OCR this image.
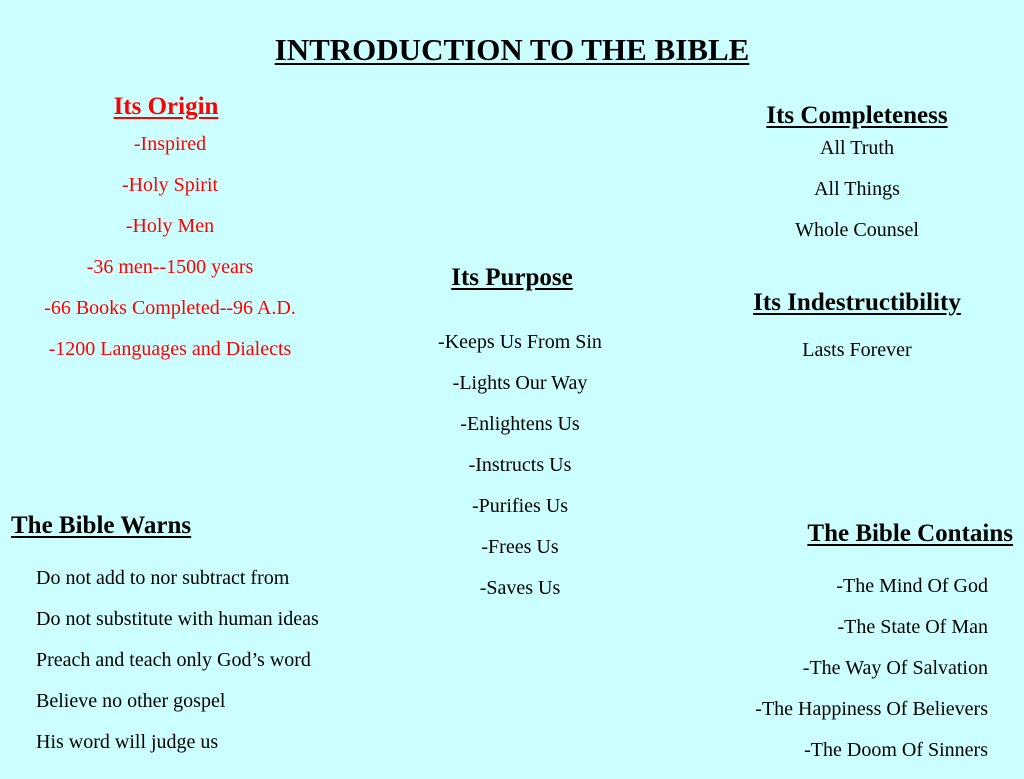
INTRODUCTION TO THE BIBLE
Its Origin
-Inspired
-Holy Spirit
-Holy Men
-36 men--1500 years
-66 Books Completed--96 A.D.
-1200 Languages and Dialects
Its Completeness
All Truth
All Things
Whole Counsel
Its Purpose
-Keeps Us From Sin
-Lights Our Way
-Enlightens Us
-Instructs Us
-Purifies Us
-Frees Us
-Saves Us
Its Indestructibility
Lasts Forever
The Bible Warns
Do not add to nor subtract from
Do not substitute with human ideas
Preach and teach only God’s word
Believe no other gospel
His word will judge us
The Bible Contains
-The Mind Of God
-The State Of Man
-The Way Of Salvation
-The Happiness Of Believers
-The Doom Of Sinners
